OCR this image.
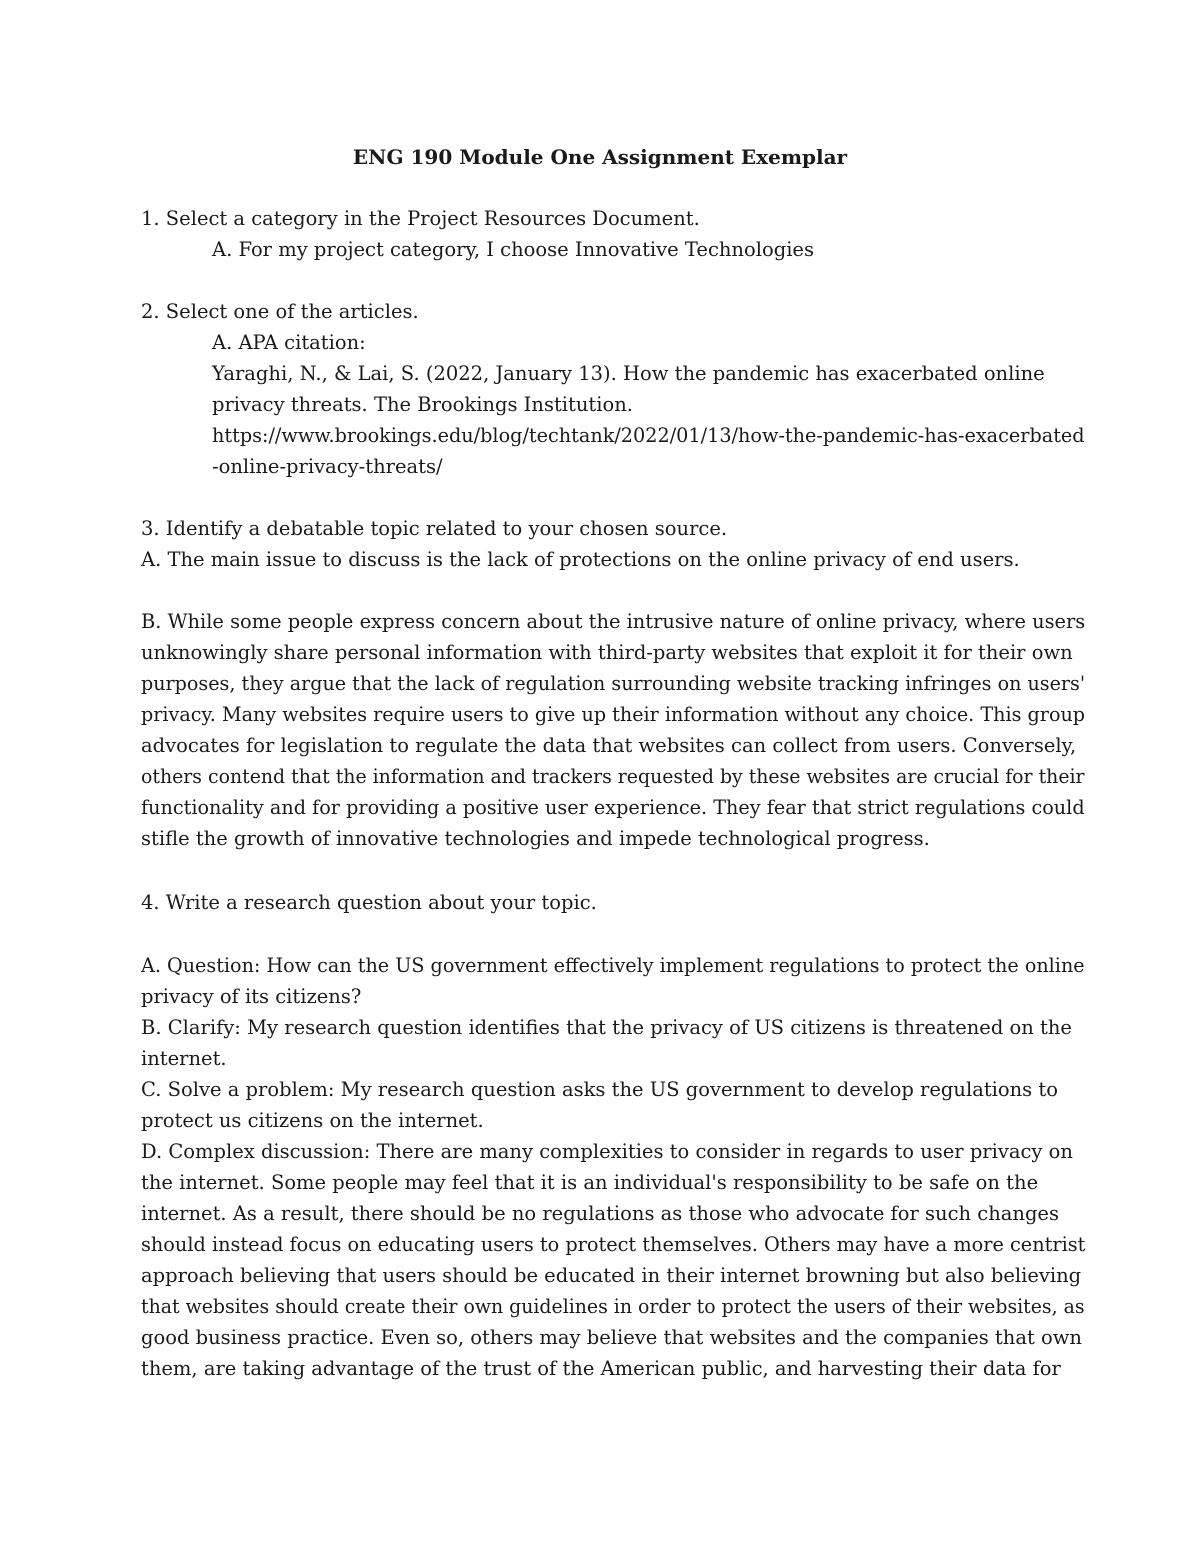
ENG 190 Module One Assignment Exemplar

1. Select a category in the Project Resources Document.

A. For my project category, I choose Innovative Technologies

2. Select one of the articles.

A. APA citation:

Yaraghi, N., & Lai, S. (2022, January 13). How the pandemic has exacerbated online

privacy threats. The Brookings Institution.

https://www.brookings.edu/blog/techtank/2022/01/13/how-the-pandemic-has-exacerbated

-online-privacy-threats/

3. Identify a debatable topic related to your chosen source.

A. The main issue to discuss is the lack of protections on the online privacy of end users.

B. While some people express concern about the intrusive nature of online privacy, where users

unknowingly share personal information with third-party websites that exploit it for their own

purposes, they argue that the lack of regulation surrounding website tracking infringes on users'

privacy. Many websites require users to give up their information without any choice. This group

advocates for legislation to regulate the data that websites can collect from users. Conversely,

others contend that the information and trackers requested by these websites are crucial for their

functionality and for providing a positive user experience. They fear that strict regulations could

stifle the growth of innovative technologies and impede technological progress.

4. Write a research question about your topic.

A. Question: How can the US government effectively implement regulations to protect the online

privacy of its citizens?

B. Clarify: My research question identifies that the privacy of US citizens is threatened on the

internet.

C. Solve a problem: My research question asks the US government to develop regulations to

protect us citizens on the internet.

D. Complex discussion: There are many complexities to consider in regards to user privacy on

the internet. Some people may feel that it is an individual's responsibility to be safe on the

internet. As a result, there should be no regulations as those who advocate for such changes

should instead focus on educating users to protect themselves. Others may have a more centrist

approach believing that users should be educated in their internet browning but also believing

that websites should create their own guidelines in order to protect the users of their websites, as

good business practice. Even so, others may believe that websites and the companies that own

them, are taking advantage of the trust of the American public, and harvesting their data for
